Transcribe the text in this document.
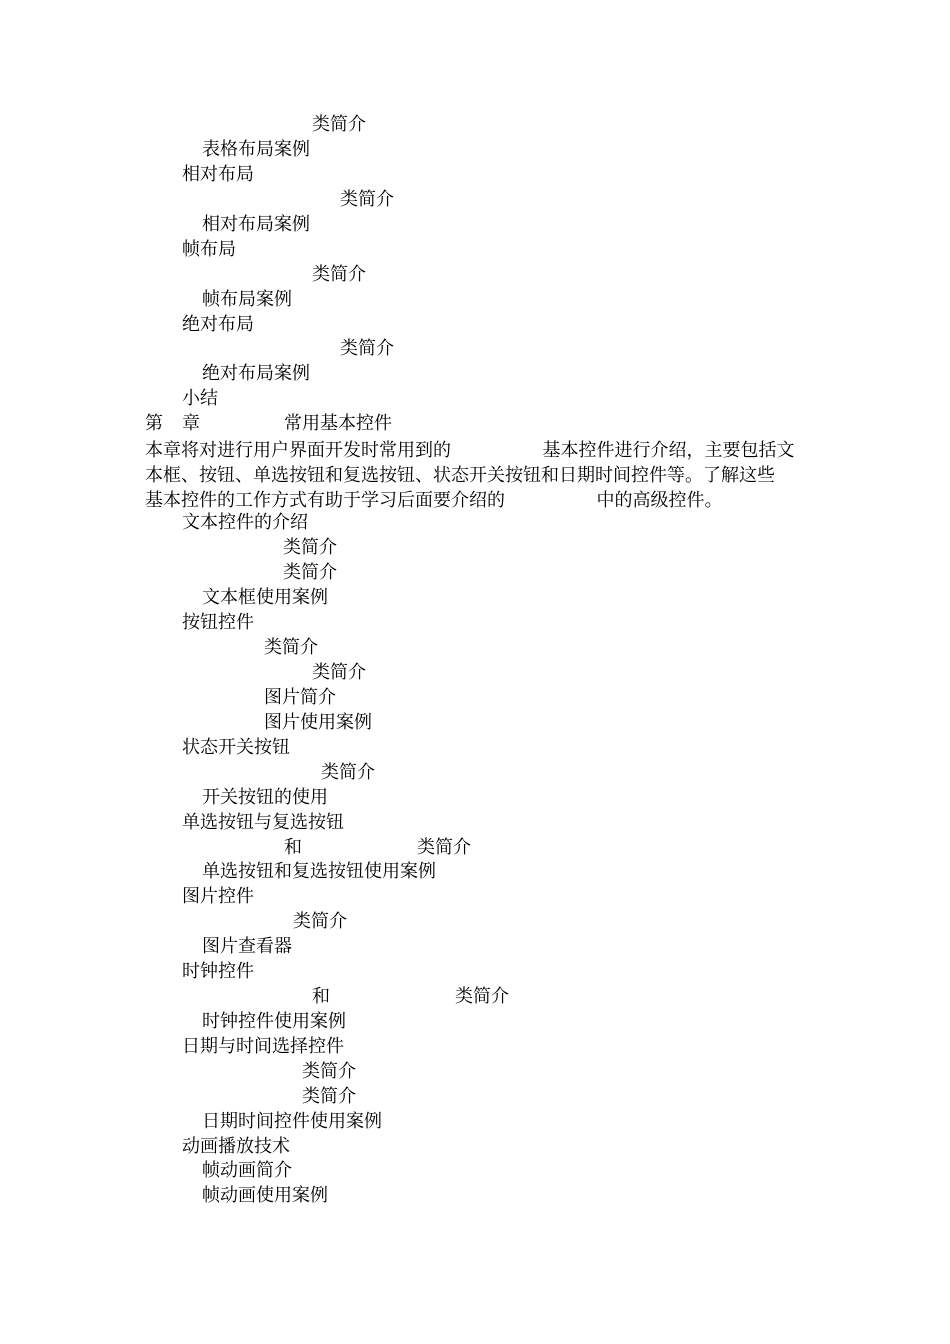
类简介
表格布局案例
相对布局
类简介
相对布局案例
帧布局
类简介
帧布局案例
绝对布局
类简介
绝对布局案例
小结
第 章	常用基本控件
本章将对进行用户界面开发时常用到的                基本控件进行介绍，主要包括文
本框、按钮、单选按钮和复选按钮、状态开关按钮和日期时间控件等。了解这些
基本控件的工作方式有助于学习后面要介绍的                中的高级控件。
文本控件的介绍
类简介
类简介
文本框使用案例
按钮控件
类简介
类简介
图片简介
图片使用案例
状态开关按钮
类简介
开关按钮的使用
单选按钮与复选按钮
和	类简介
单选按钮和复选按钮使用案例
图片控件
类简介
图片查看器
时钟控件
和	类简介
时钟控件使用案例
日期与时间选择控件
类简介
类简介
日期时间控件使用案例
动画播放技术
帧动画简介
帧动画使用案例
